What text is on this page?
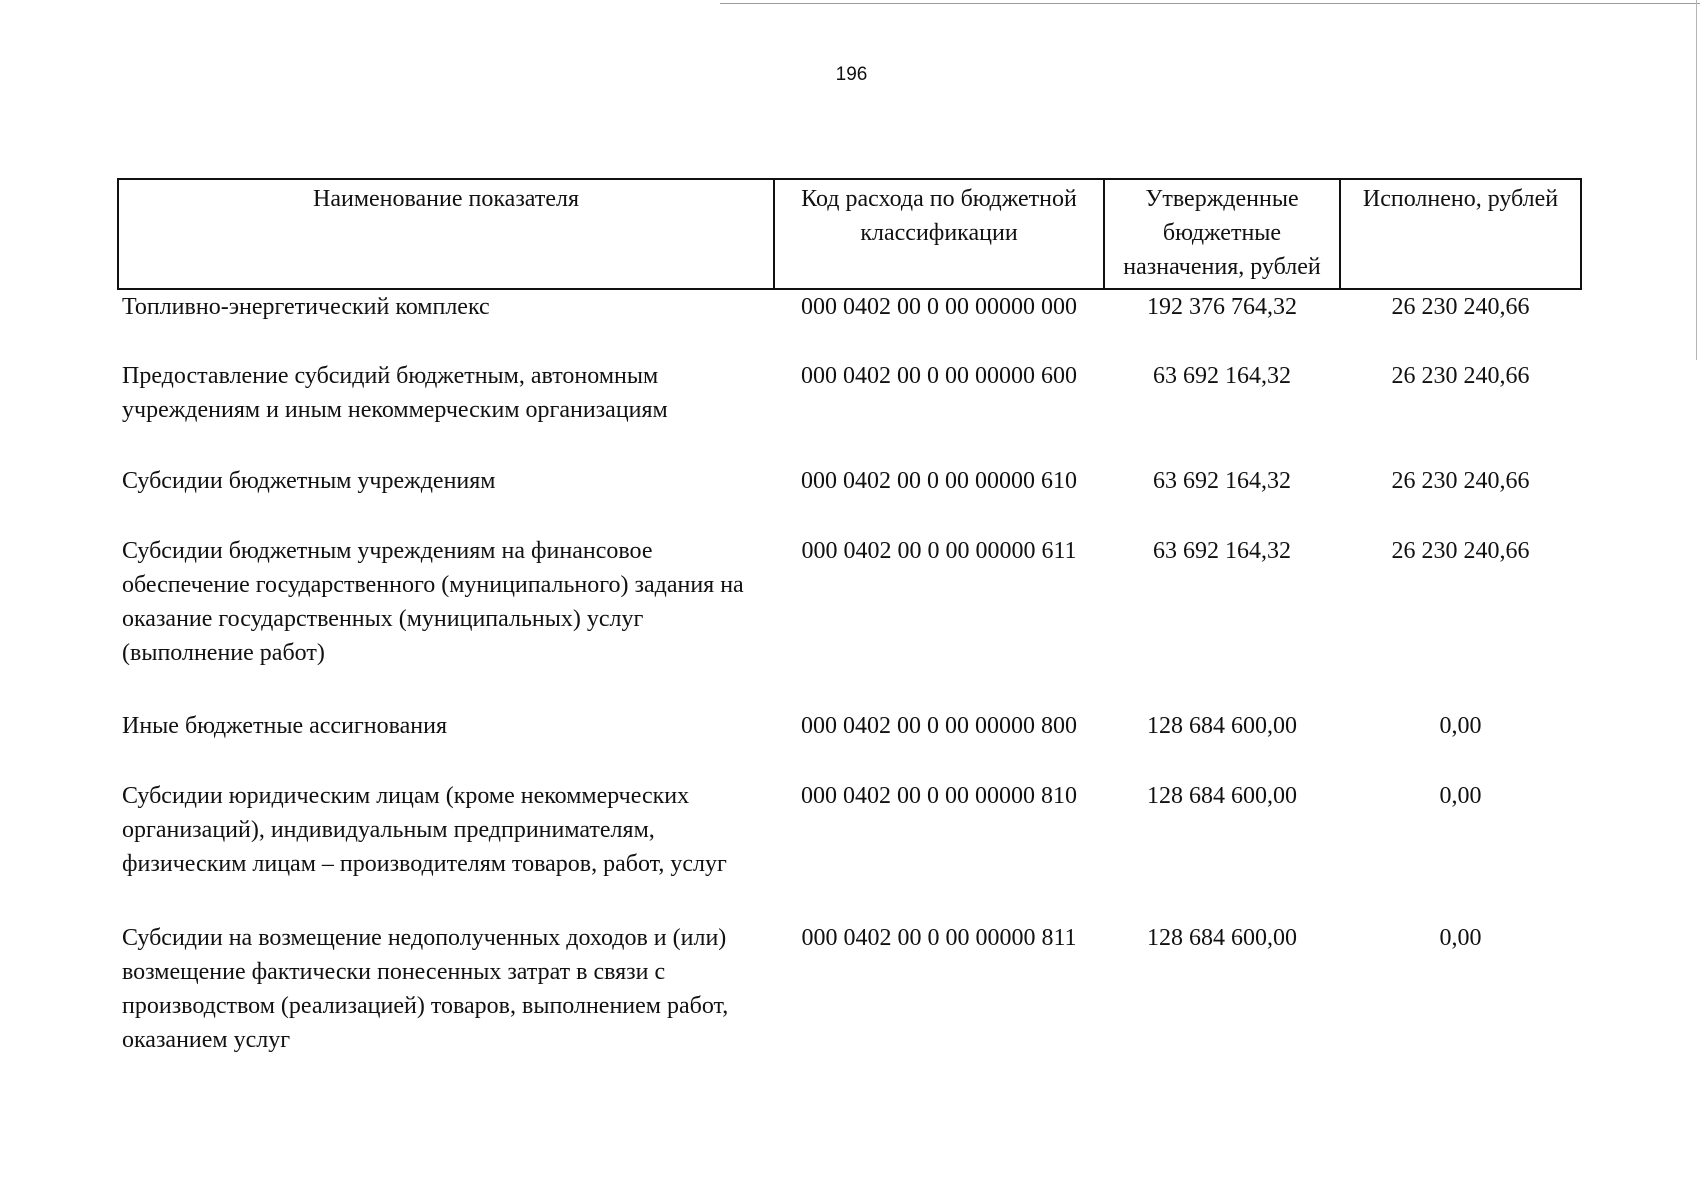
196
Наименование показателя	Код расхода по бюджетной классификации	Утвержденные бюджетные назначения, рублей	Исполнено, рублей
Топливно-энергетический комплекс	000 0402 00 0 00 00000 000	192 376 764,32	26 230 240,66
Предоставление субсидий бюджетным, автономным учреждениям и иным некоммерческим организациям	000 0402 00 0 00 00000 600	63 692 164,32	26 230 240,66
Субсидии бюджетным учреждениям	000 0402 00 0 00 00000 610	63 692 164,32	26 230 240,66
Субсидии бюджетным учреждениям на финансовое обеспечение государственного (муниципального) задания на оказание государственных (муниципальных) услуг (выполнение работ)	000 0402 00 0 00 00000 611	63 692 164,32	26 230 240,66
Иные бюджетные ассигнования	000 0402 00 0 00 00000 800	128 684 600,00	0,00
Субсидии юридическим лицам (кроме некоммерческих организаций), индивидуальным предпринимателям, физическим лицам – производителям товаров, работ, услуг	000 0402 00 0 00 00000 810	128 684 600,00	0,00
Субсидии на возмещение недополученных доходов и (или) возмещение фактически понесенных затрат в связи с производством (реализацией) товаров, выполнением работ, оказанием услуг	000 0402 00 0 00 00000 811	128 684 600,00	0,00
